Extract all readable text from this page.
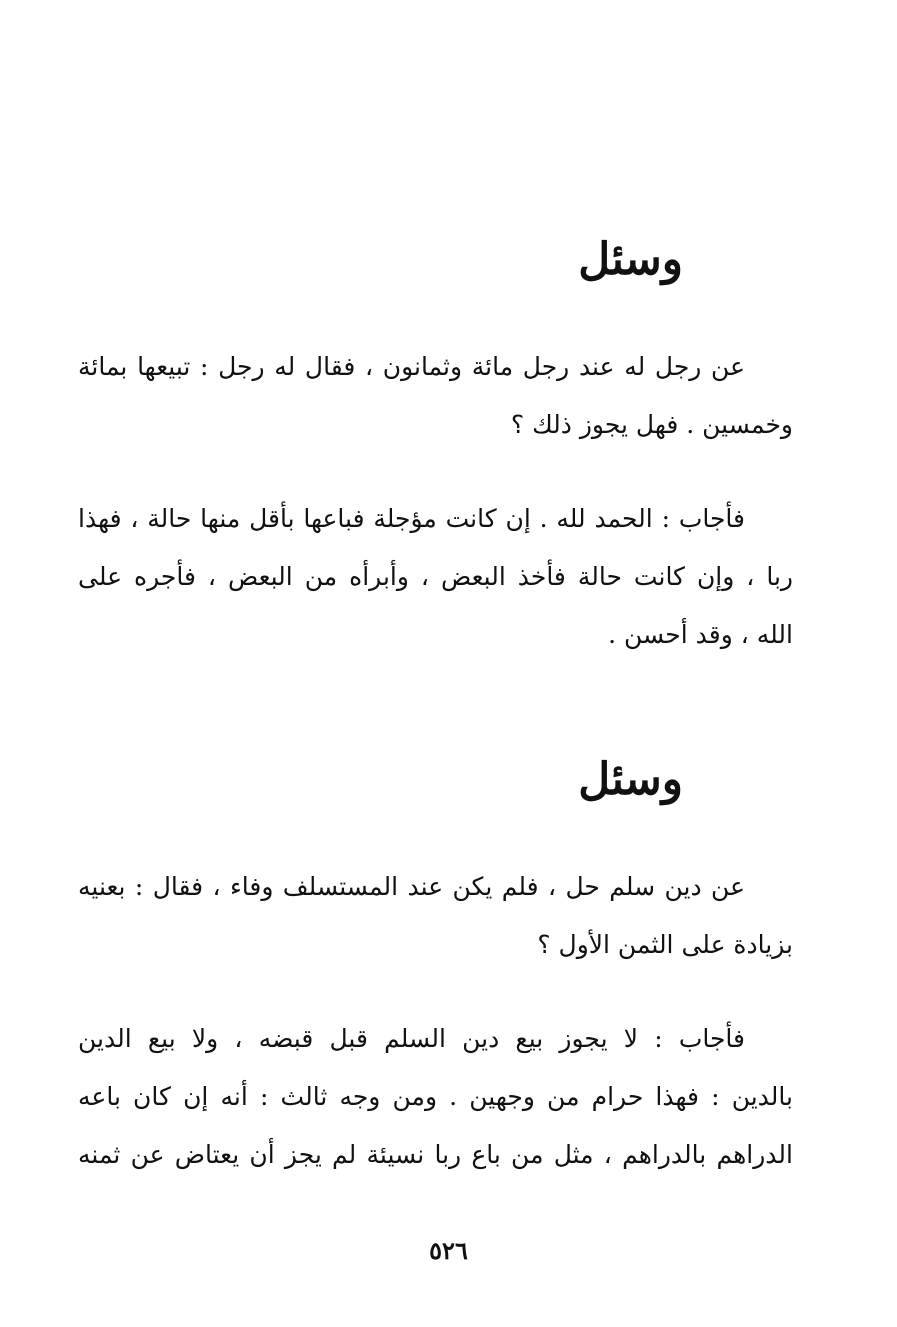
وسئل
عن رجل له عند رجل مائة وثمانون ، فقال له رجل : تبيعها بمائة
وخمسين . فهل يجوز ذلك ؟
فأجاب : الحمد لله . إن كانت مؤجلة فباعها بأقل منها حالة ، فهذا
ربا ، وإن كانت حالة فأخذ البعض ، وأبرأه من البعض ، فأجره على
الله ، وقد أحسن .
وسئل
عن دين سلم حل ، فلم يكن عند المستسلف وفاء ، فقال : بعنيه
بزيادة على الثمن الأول ؟
فأجاب : لا يجوز بيع دين السلم قبل قبضه ، ولا بيع الدين
بالدين : فهذا حرام من وجهين . ومن وجه ثالث : أنه إن كان باعه
الدراهم بالدراهم ، مثل من باع ربا نسيئة لم يجز أن يعتاض عن ثمنه
٥٢٦
